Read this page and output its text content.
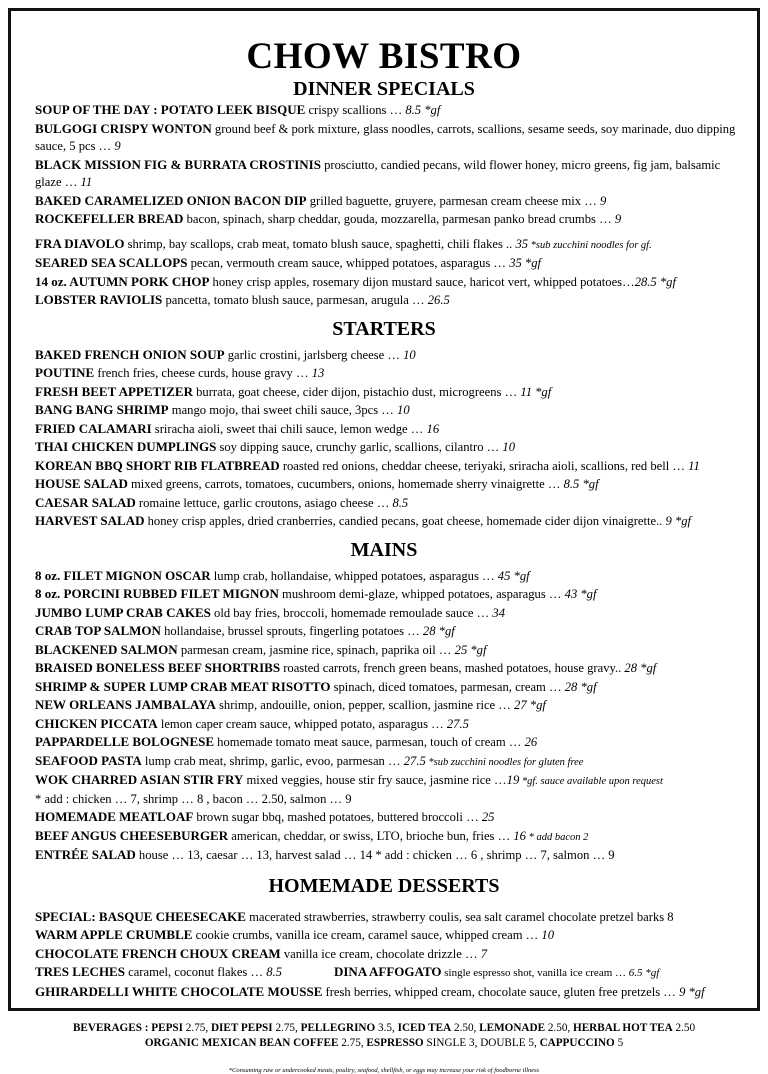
CHOW BISTRO
DINNER SPECIALS
SOUP OF THE DAY : POTATO LEEK BISQUE crispy scallions … 8.5 *gf
BULGOGI CRISPY WONTON ground beef & pork mixture, glass noodles, carrots, scallions, sesame seeds, soy marinade, duo dipping sauce, 5 pcs … 9
BLACK MISSION FIG & BURRATA CROSTINIS prosciutto, candied pecans, wild flower honey, micro greens, fig jam, balsamic glaze … 11
BAKED CARAMELIZED ONION BACON DIP grilled baguette, gruyere, parmesan cream cheese mix … 9
ROCKEFELLER BREAD bacon, spinach, sharp cheddar, gouda, mozzarella, parmesan panko bread crumbs … 9
FRA DIAVOLO shrimp, bay scallops, crab meat, tomato blush sauce, spaghetti, chili flakes .. 35 *sub zucchini noodles for gf.
SEARED SEA SCALLOPS pecan, vermouth cream sauce, whipped potatoes, asparagus … 35 *gf
14 oz. AUTUMN PORK CHOP honey crisp apples, rosemary dijon mustard sauce, haricot vert, whipped potatoes…28.5 *gf
LOBSTER RAVIOLIS pancetta, tomato blush sauce, parmesan, arugula … 26.5
STARTERS
BAKED FRENCH ONION SOUP garlic crostini, jarlsberg cheese … 10
POUTINE french fries, cheese curds, house gravy … 13
FRESH BEET APPETIZER burrata, goat cheese, cider dijon, pistachio dust, microgreens … 11 *gf
BANG BANG SHRIMP mango mojo, thai sweet chili sauce, 3pcs … 10
FRIED CALAMARI sriracha aioli, sweet thai chili sauce, lemon wedge … 16
THAI CHICKEN DUMPLINGS soy dipping sauce, crunchy garlic, scallions, cilantro … 10
KOREAN BBQ SHORT RIB FLATBREAD roasted red onions, cheddar cheese, teriyaki, sriracha aioli, scallions, red bell … 11
HOUSE SALAD mixed greens, carrots, tomatoes, cucumbers, onions, homemade sherry vinaigrette … 8.5 *gf
CAESAR SALAD romaine lettuce, garlic croutons, asiago cheese … 8.5
HARVEST SALAD honey crisp apples, dried cranberries, candied pecans, goat cheese, homemade cider dijon vinaigrette.. 9 *gf
MAINS
8 oz. FILET MIGNON OSCAR lump crab, hollandaise, whipped potatoes, asparagus … 45 *gf
8 oz. PORCINI RUBBED FILET MIGNON mushroom demi-glaze, whipped potatoes, asparagus … 43 *gf
JUMBO LUMP CRAB CAKES old bay fries, broccoli, homemade remoulade sauce … 34
CRAB TOP SALMON hollandaise, brussel sprouts, fingerling potatoes … 28 *gf
BLACKENED SALMON parmesan cream, jasmine rice, spinach, paprika oil … 25 *gf
BRAISED BONELESS BEEF SHORTRIBS roasted carrots, french green beans, mashed potatoes, house gravy.. 28 *gf
SHRIMP & SUPER LUMP CRAB MEAT RISOTTO spinach, diced tomatoes, parmesan, cream … 28 *gf
NEW ORLEANS JAMBALAYA shrimp, andouille, onion, pepper, scallion, jasmine rice … 27 *gf
CHICKEN PICCATA lemon caper cream sauce, whipped potato, asparagus … 27.5
PAPPARDELLE BOLOGNESE homemade tomato meat sauce, parmesan, touch of cream … 26
SEAFOOD PASTA lump crab meat, shrimp, garlic, evoo, parmesan … 27.5 *sub zucchini noodles for gluten free
WOK CHARRED ASIAN STIR FRY mixed veggies, house stir fry sauce, jasmine rice …19 *gf. sauce available upon request
* add : chicken … 7, shrimp … 8 , bacon … 2.50, salmon … 9
HOMEMADE MEATLOAF brown sugar bbq, mashed potatoes, buttered broccoli … 25
BEEF ANGUS CHEESEBURGER american, cheddar, or swiss, LTO, brioche bun, fries … 16 * add bacon 2
ENTRÉE SALAD house … 13, caesar … 13, harvest salad … 14 * add : chicken … 6 , shrimp … 7, salmon … 9
HOMEMADE DESSERTS
SPECIAL: BASQUE CHEESECAKE macerated strawberries, strawberry coulis, sea salt caramel chocolate pretzel barks 8
WARM APPLE CRUMBLE cookie crumbs, vanilla ice cream, caramel sauce, whipped cream … 10
CHOCOLATE FRENCH CHOUX CREAM vanilla ice cream, chocolate drizzle … 7
TRES LECHES caramel, coconut flakes … 8.5	DINA AFFOGATO single espresso shot, vanilla ice cream … 6.5 *gf
GHIRARDELLI WHITE CHOCOLATE MOUSSE fresh berries, whipped cream, chocolate sauce, gluten free pretzels … 9 *gf
BEVERAGES : PEPSI 2.75, DIET PEPSI 2.75, PELLEGRINO 3.5, ICED TEA 2.50, LEMONADE 2.50, HERBAL HOT TEA 2.50
ORGANIC MEXICAN BEAN COFFEE 2.75, ESPRESSO SINGLE 3, DOUBLE 5, CAPPUCCINO 5
*Consuming raw or undercooked meats, poultry, seafood, shellfish, or eggs may increase your risk of foodborne illness
